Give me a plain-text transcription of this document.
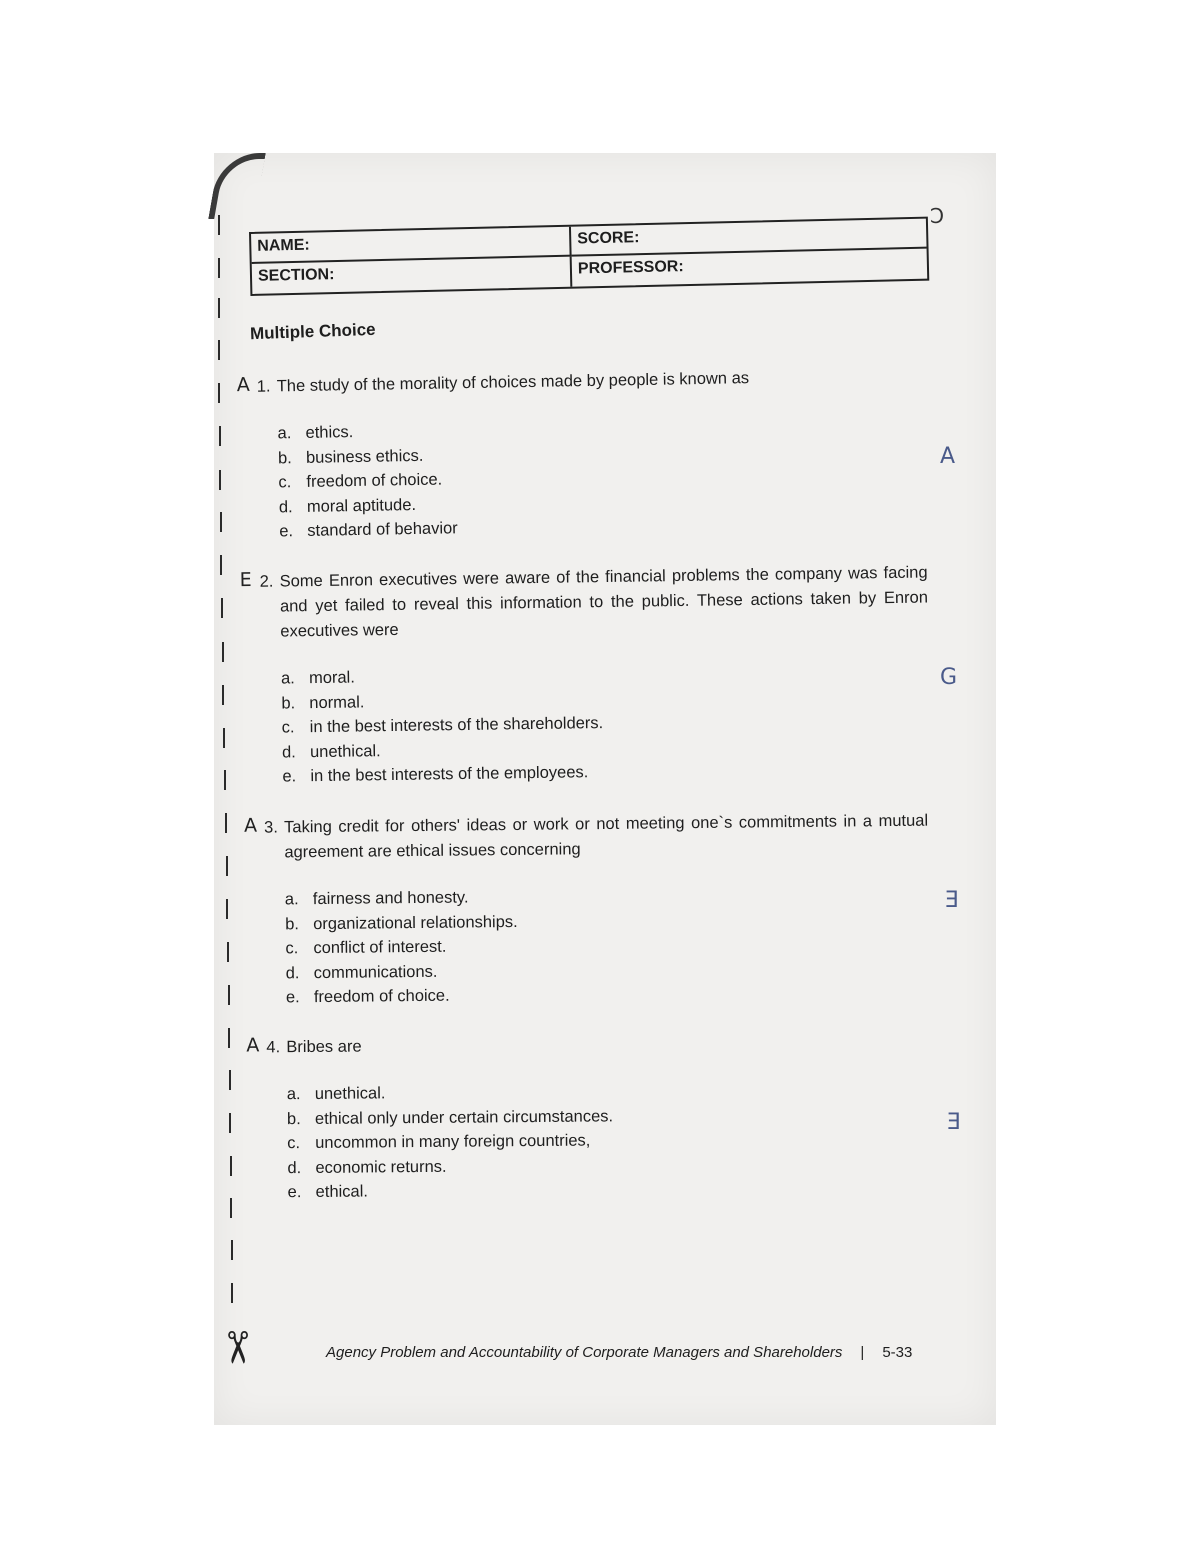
Ↄ
NAME:	SCORE:
SECTION:	PROFESSOR:
Multiple Choice
A 1. The study of the morality of choices made by people is known as
a. ethics.
b. business ethics.
c. freedom of choice.
d. moral aptitude.
e. standard of behavior
A
E 2. Some Enron executives were aware of the financial problems the company was facing and yet failed to reveal this information to the public. These actions taken by Enron executives were
a. moral.
b. normal.
c. in the best interests of the shareholders.
d. unethical.
e. in the best interests of the employees.
G
A 3. Taking credit for others' ideas or work or not meeting one`s commitments in a mutual agreement are ethical issues concerning
a. fairness and honesty.
b. organizational relationships.
c. conflict of interest.
d. communications.
e. freedom of choice.
Ǝ
A 4. Bribes are
a. unethical.
b. ethical only under certain circumstances.
c. uncommon in many foreign countries,
d. economic returns.
e. ethical.
Ǝ
Agency Problem and Accountability of Corporate Managers and Shareholders | 5-33
✂
